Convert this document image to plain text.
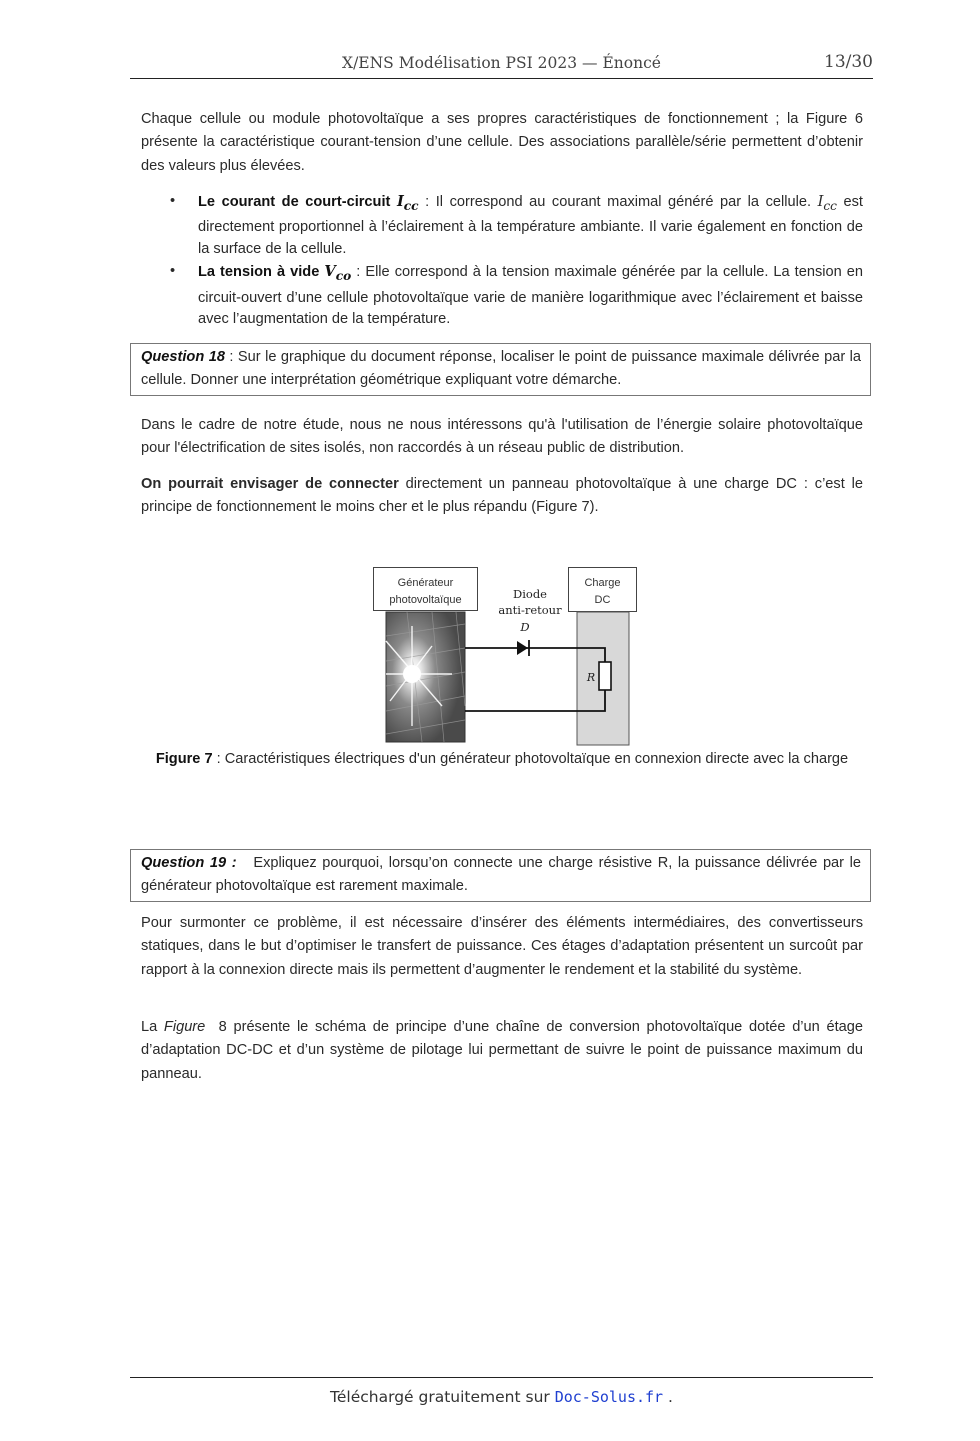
X/ENS Modélisation PSI 2023 — Énoncé	13/30
Chaque cellule ou module photovoltaïque a ses propres caractéristiques de fonctionnement ; la Figure 6 présente la caractéristique courant-tension d’une cellule. Des associations parallèle/série permettent d’obtenir des valeurs plus élevées.
• Le courant de court-circuit $I_{cc}$ : Il correspond au courant maximal généré par la cellule. $I_{cc}$ est directement proportionnel à l’éclairement à la température ambiante. Il varie également en fonction de la surface de la cellule.
• La tension à vide $V_{co}$ : Elle correspond à la tension maximale générée par la cellule. La tension en circuit-ouvert d’une cellule photovoltaïque varie de manière logarithmique avec l’éclairement et baisse avec l’augmentation de la température.
Question 18 : Sur le graphique du document réponse, localiser le point de puissance maximale délivrée par la cellule. Donner une interprétation géométrique expliquant votre démarche.
Dans le cadre de notre étude, nous ne nous intéressons qu'à l'utilisation de l’énergie solaire photovoltaïque pour l'électrification de sites isolés, non raccordés à un réseau public de distribution.
On pourrait envisager de connecter directement un panneau photovoltaïque à une charge DC : c’est le principe de fonctionnement le moins cher et le plus répandu (Figure 7).
Générateur
photovoltaïque
Charge
DC
Diode
anti-retour
D
R
Figure 7 : Caractéristiques électriques d'un générateur photovoltaïque en connexion directe avec la charge
Question 19 :   Expliquez pourquoi, lorsqu’on connecte une charge résistive R, la puissance délivrée par le générateur photovoltaïque est rarement maximale.
Pour surmonter ce problème, il est nécessaire d’insérer des éléments intermédiaires, des convertisseurs statiques, dans le but d’optimiser le transfert de puissance. Ces étages d’adaptation présentent un surcoût par rapport à la connexion directe mais ils permettent d’augmenter le rendement et la stabilité du système.
La Figure  8 présente le schéma de principe d’une chaîne de conversion photovoltaïque dotée d’un étage d’adaptation DC-DC et d’un système de pilotage lui permettant de suivre le point de puissance maximum du panneau.
Téléchargé gratuitement sur Doc-Solus.fr .
